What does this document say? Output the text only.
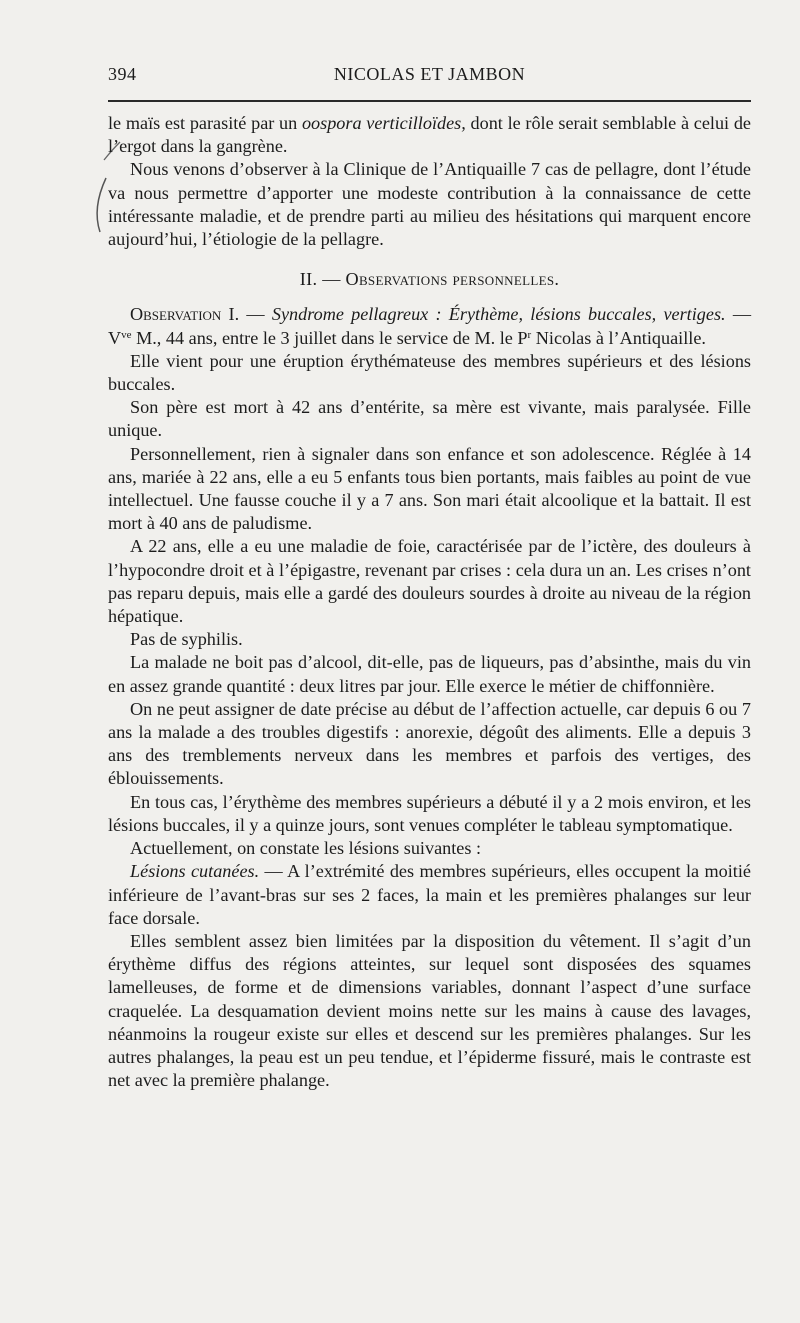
394	NICOLAS ET JAMBON

le maïs est parasité par un oospora verticilloïdes, dont le rôle serait semblable à celui de l’ergot dans la gangrène.

Nous venons d’observer à la Clinique de l’Antiquaille 7 cas de pellagre, dont l’étude va nous permettre d’apporter une modeste contribution à la connaissance de cette intéressante maladie, et de prendre parti au milieu des hésitations qui marquent encore aujourd’hui, l’étiologie de la pellagre.

II. — Observations personnelles.

Observation I. — Syndrome pellagreux : Érythème, lésions buccales, vertiges. — $V^{ve}$ M., 44 ans, entre le 3 juillet dans le service de M. le $P^r$ Nicolas à l’Antiquaille.

Elle vient pour une éruption érythémateuse des membres supérieurs et des lésions buccales.

Son père est mort à 42 ans d’entérite, sa mère est vivante, mais paralysée. Fille unique.

Personnellement, rien à signaler dans son enfance et son adolescence. Réglée à 14 ans, mariée à 22 ans, elle a eu 5 enfants tous bien portants, mais faibles au point de vue intellectuel. Une fausse couche il y a 7 ans. Son mari était alcoolique et la battait. Il est mort à 40 ans de paludisme.

A 22 ans, elle a eu une maladie de foie, caractérisée par de l’ictère, des douleurs à l’hypocondre droit et à l’épigastre, revenant par crises : cela dura un an. Les crises n’ont pas reparu depuis, mais elle a gardé des douleurs sourdes à droite au niveau de la région hépatique.

Pas de syphilis.

La malade ne boit pas d’alcool, dit-elle, pas de liqueurs, pas d’absinthe, mais du vin en assez grande quantité : deux litres par jour. Elle exerce le métier de chiffonnière.

On ne peut assigner de date précise au début de l’affection actuelle, car depuis 6 ou 7 ans la malade a des troubles digestifs : anorexie, dégoût des aliments. Elle a depuis 3 ans des tremblements nerveux dans les membres et parfois des vertiges, des éblouissements.

En tous cas, l’érythème des membres supérieurs a débuté il y a 2 mois environ, et les lésions buccales, il y a quinze jours, sont venues compléter le tableau symptomatique.

Actuellement, on constate les lésions suivantes :

Lésions cutanées. — A l’extrémité des membres supérieurs, elles occupent la moitié inférieure de l’avant-bras sur ses 2 faces, la main et les premières phalanges sur leur face dorsale.

Elles semblent assez bien limitées par la disposition du vêtement. Il s’agit d’un érythème diffus des régions atteintes, sur lequel sont disposées des squames lamelleuses, de forme et de dimensions variables, donnant l’aspect d’une surface craquelée. La desquamation devient moins nette sur les mains à cause des lavages, néanmoins la rougeur existe sur elles et descend sur les premières phalanges. Sur les autres phalanges, la peau est un peu tendue, et l’épiderme fissuré, mais le contraste est net avec la première phalange.
